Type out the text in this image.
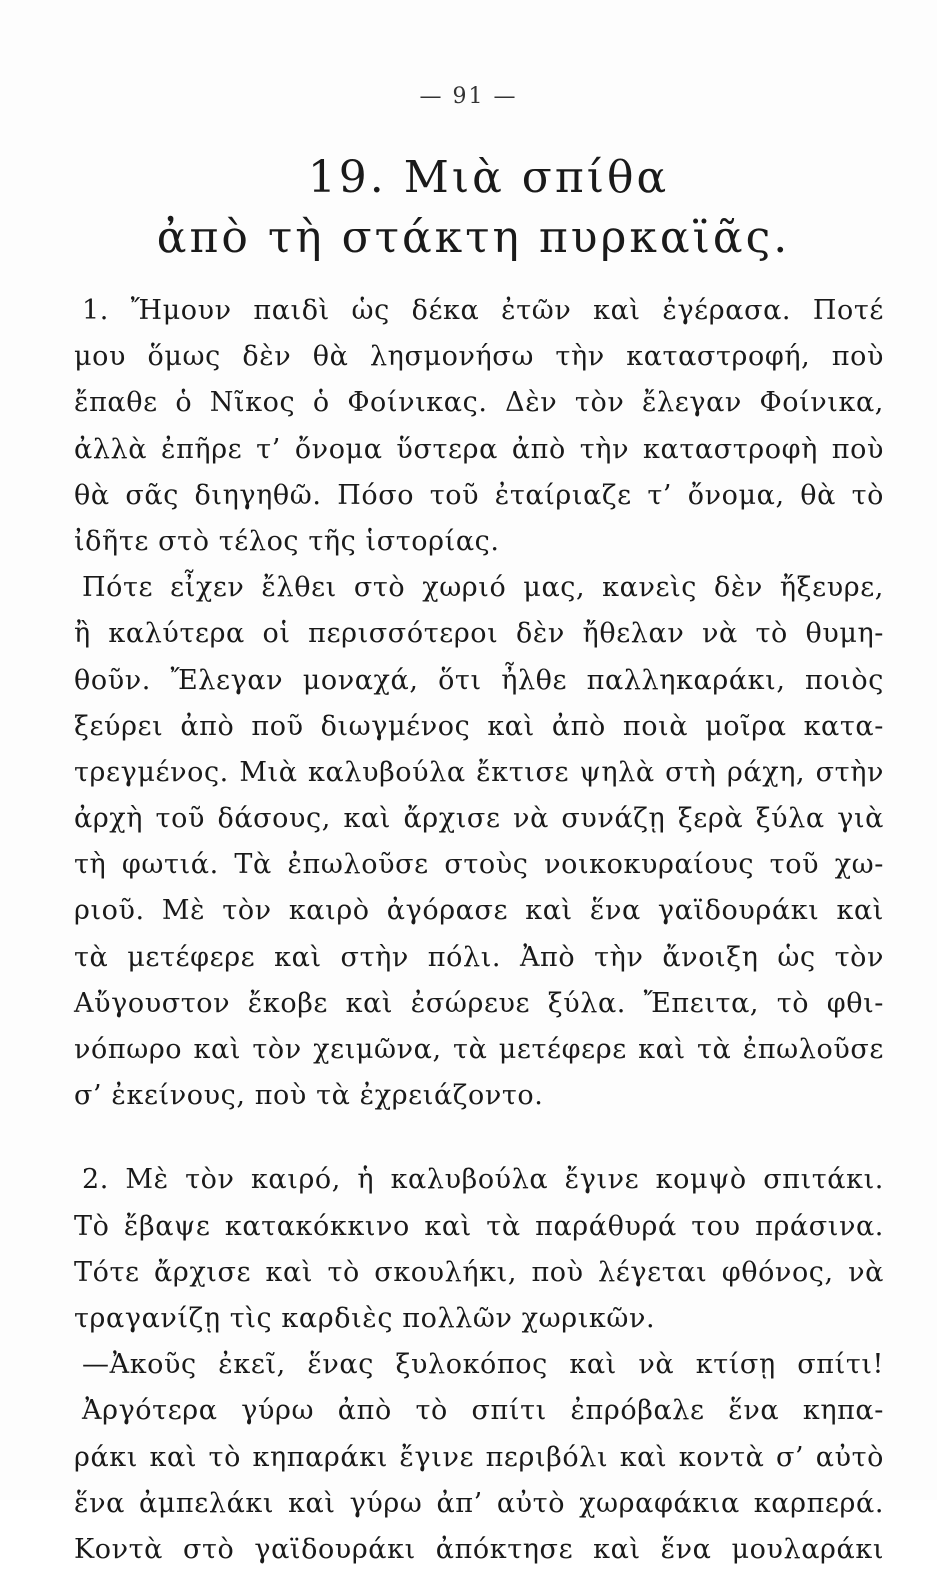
— 91 —
19. Μιὰ σπίθα
ἀπὸ τὴ στάκτη πυρκαϊᾶς.
1. Ἤμουν παιδὶ ὡς δέκα ἐτῶν καὶ ἐγέρασα. Ποτέ
μου ὅμως δὲν θὰ λησμονήσω τὴν καταστροφή, ποὺ
ἔπαθε ὁ Νῖκος ὁ Φοίνικας. Δὲν τὸν ἔλεγαν Φοίνικα,
ἀλλὰ ἐπῆρε τ’ ὄνομα ὕστερα ἀπὸ τὴν καταστροφὴ ποὺ
θὰ σᾶς διηγηθῶ. Πόσο τοῦ ἐταίριαζε τ’ ὄνομα, θὰ τὸ
ἰδῆτε στὸ τέλος τῆς ἱστορίας.
Πότε εἶχεν ἔλθει στὸ χωριό μας, κανεὶς δὲν ἤξευρε,
ἢ καλύτερα οἱ περισσότεροι δὲν ἤθελαν νὰ τὸ θυμη-
θοῦν. Ἔλεγαν μοναχά, ὅτι ἦλθε παλληκαράκι, ποιὸς
ξεύρει ἀπὸ ποῦ διωγμένος καὶ ἀπὸ ποιὰ μοῖρα κατα-
τρεγμένος. Μιὰ καλυβούλα ἔκτισε ψηλὰ στὴ ράχη, στὴν
ἀρχὴ τοῦ δάσους, καὶ ἄρχισε νὰ συνάζῃ ξερὰ ξύλα γιὰ
τὴ φωτιά. Τὰ ἐπωλοῦσε στοὺς νοικοκυραίους τοῦ χω-
ριοῦ. Μὲ τὸν καιρὸ ἀγόρασε καὶ ἕνα γαϊδουράκι καὶ
τὰ μετέφερε καὶ στὴν πόλι. Ἀπὸ τὴν ἄνοιξη ὡς τὸν
Αὔγουστον ἔκοβε καὶ ἐσώρευε ξύλα. Ἔπειτα, τὸ φθι-
νόπωρο καὶ τὸν χειμῶνα, τὰ μετέφερε καὶ τὰ ἐπωλοῦσε
σ’ ἐκείνους, ποὺ τὰ ἐχρειάζοντο.
2. Μὲ τὸν καιρό, ἡ καλυβούλα ἔγινε κομψὸ σπιτάκι.
Τὸ ἔβαψε κατακόκκινο καὶ τὰ παράθυρά του πράσινα.
Τότε ἄρχισε καὶ τὸ σκουλήκι, ποὺ λέγεται φθόνος, νὰ
τραγανίζῃ τὶς καρδιὲς πολλῶν χωρικῶν.
—Ἀκοῦς ἐκεῖ, ἕνας ξυλοκόπος καὶ νὰ κτίσῃ σπίτι!
Ἀργότερα γύρω ἀπὸ τὸ σπίτι ἐπρόβαλε ἕνα κηπα-
ράκι καὶ τὸ κηπαράκι ἔγινε περιβόλι καὶ κοντὰ σ’ αὐτὸ
ἕνα ἀμπελάκι καὶ γύρω ἀπ’ αὐτὸ χωραφάκια καρπερά.
Κοντὰ στὸ γαϊδουράκι ἀπόκτησε καὶ ἕνα μουλαράκι
